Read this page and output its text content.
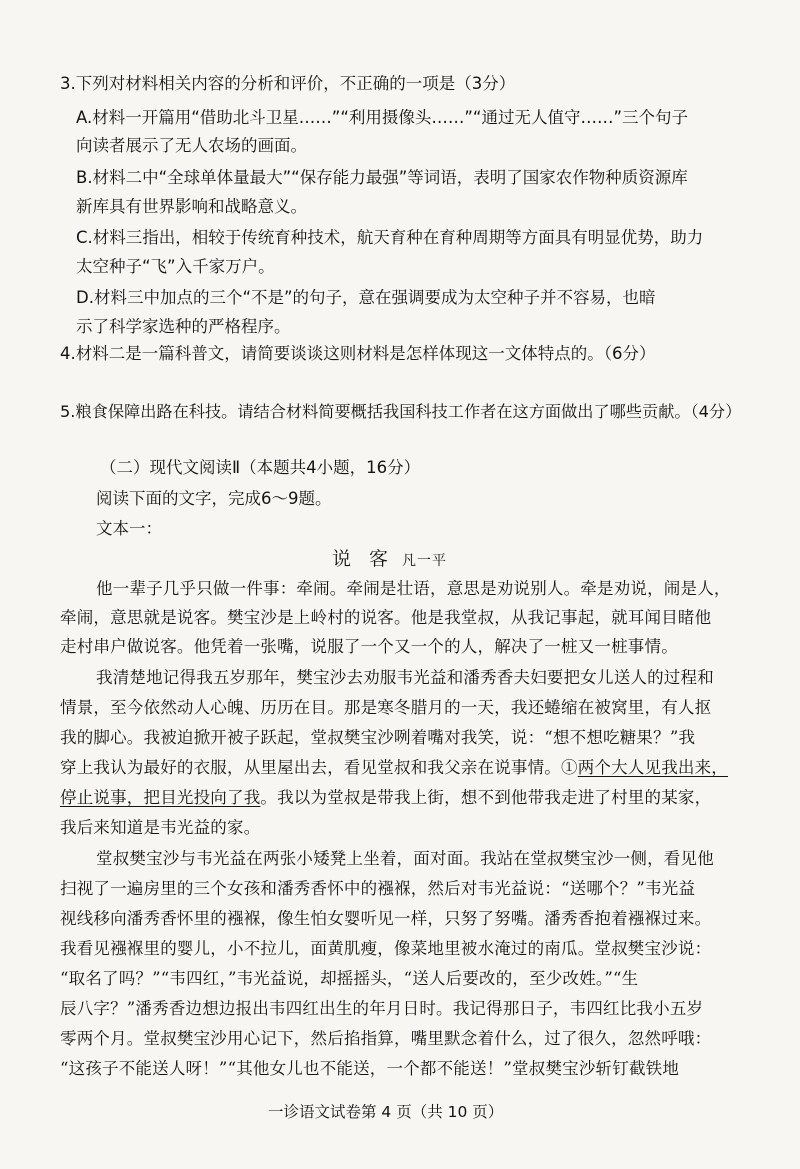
3.下列对材料相关内容的分析和评价，不正确的一项是（3分）
A.材料一开篇用“借助北斗卫星……”“利用摄像头……”“通过无人值守……”三个句子
向读者展示了无人农场的画面。
B.材料二中“全球单体量最大”“保存能力最强”等词语，表明了国家农作物种质资源库
新库具有世界影响和战略意义。
C.材料三指出，相较于传统育种技术，航天育种在育种周期等方面具有明显优势，助力
太空种子“飞”入千家万户。
D.材料三中加点的三个“不是”的句子，意在强调要成为太空种子并不容易，也暗
示了科学家选种的严格程序。
4.材料二是一篇科普文，请简要谈谈这则材料是怎样体现这一文体特点的。（6分）
5.粮食保障出路在科技。请结合材料简要概括我国科技工作者在这方面做出了哪些贡献。（4分）
（二）现代文阅读Ⅱ（本题共4小题，16分）
阅读下面的文字，完成6～9题。
文本一：
说 客 凡一平
他一辈子几乎只做一件事：牵闹。牵闹是壮语，意思是劝说别人。牵是劝说，闹是人，
牵闹，意思就是说客。樊宝沙是上岭村的说客。他是我堂叔，从我记事起，就耳闻目睹他
走村串户做说客。他凭着一张嘴，说服了一个又一个的人，解决了一桩又一桩事情。
我清楚地记得我五岁那年，樊宝沙去劝服韦光益和潘秀香夫妇要把女儿送人的过程和
情景，至今依然动人心魄、历历在目。那是寒冬腊月的一天，我还蜷缩在被窝里，有人抠
我的脚心。我被迫掀开被子跃起，堂叔樊宝沙咧着嘴对我笑，说：“想不想吃糖果？”我
穿上我认为最好的衣服，从里屋出去，看见堂叔和我父亲在说事情。①两个大人见我出来，
停止说事，把目光投向了我。我以为堂叔是带我上街，想不到他带我走进了村里的某家，
我后来知道是韦光益的家。
堂叔樊宝沙与韦光益在两张小矮凳上坐着，面对面。我站在堂叔樊宝沙一侧，看见他
扫视了一遍房里的三个女孩和潘秀香怀中的襁褓，然后对韦光益说：“送哪个？”韦光益
视线移向潘秀香怀里的襁褓，像生怕女婴听见一样，只努了努嘴。潘秀香抱着襁褓过来。
我看见襁褓里的婴儿，小不拉儿，面黄肌瘦，像菜地里被水淹过的南瓜。堂叔樊宝沙说：
“取名了吗？”“韦四红，”韦光益说，却摇摇头，“送人后要改的，至少改姓。”“生
辰八字？”潘秀香边想边报出韦四红出生的年月日时。我记得那日子，韦四红比我小五岁
零两个月。堂叔樊宝沙用心记下，然后掐指算，嘴里默念着什么，过了很久，忽然呼哦：
“这孩子不能送人呀！”“其他女儿也不能送，一个都不能送！”堂叔樊宝沙斩钉截铁地
一诊语文试卷第 4 页（共 10 页）
